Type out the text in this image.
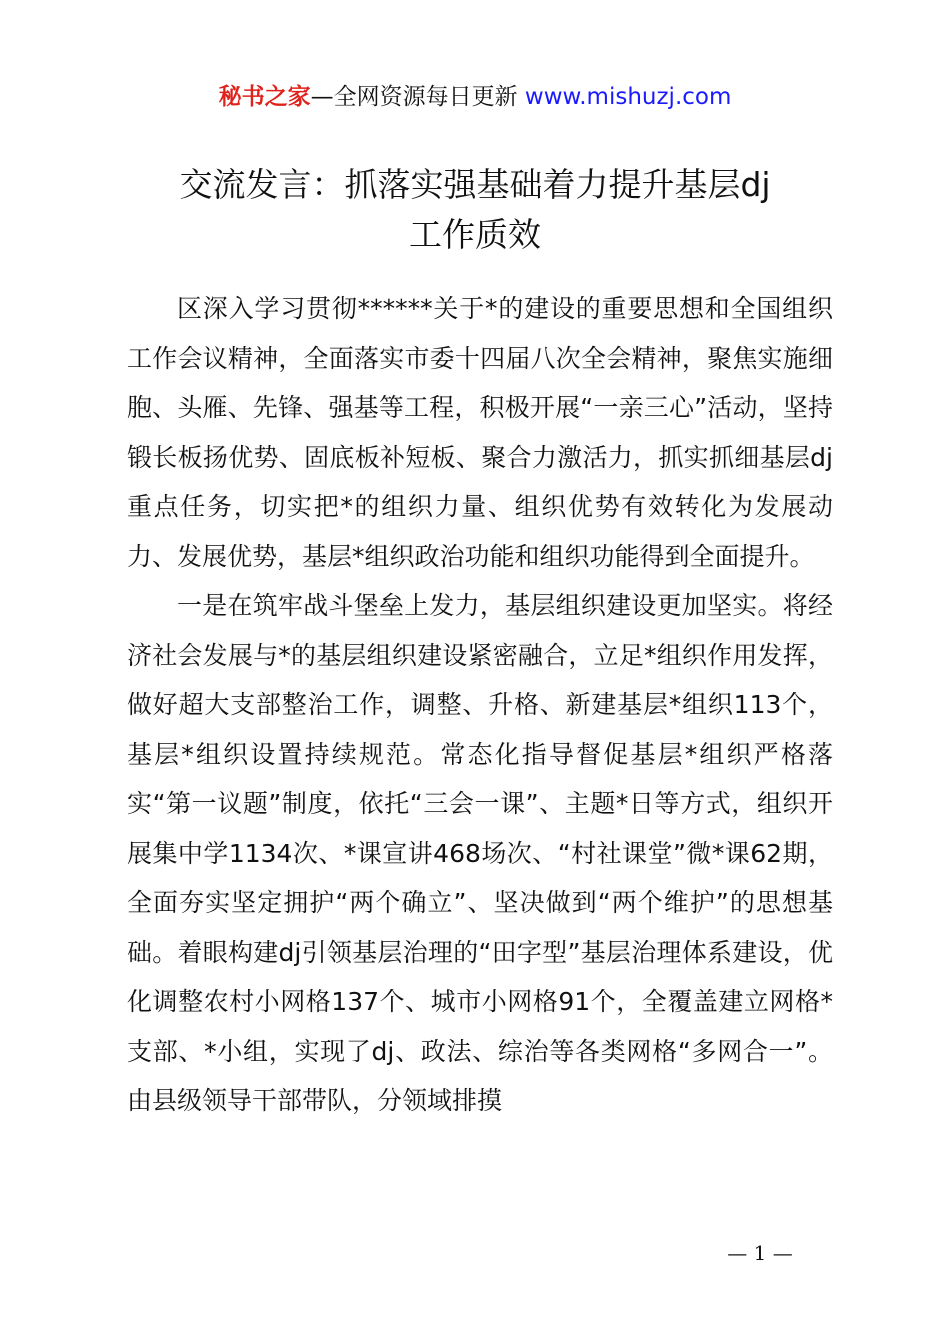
秘书之家—全网资源每日更新 www.mishuzj.com
交流发言：抓落实强基础着力提升基层dj
工作质效

区深入学习贯彻******关于*的建设的重要思想和全国组织工作会议精神，全面落实市委十四届八次全会精神，聚焦实施细胞、头雁、先锋、强基等工程，积极开展“一亲三心”活动，坚持锻长板扬优势、固底板补短板、聚合力激活力，抓实抓细基层dj重点任务，切实把*的组织力量、组织优势有效转化为发展动力、发展优势，基层*组织政治功能和组织功能得到全面提升。

一是在筑牢战斗堡垒上发力，基层组织建设更加坚实。将经济社会发展与*的基层组织建设紧密融合，立足*组织作用发挥，做好超大支部整治工作，调整、升格、新建基层*组织113个，基层*组织设置持续规范。常态化指导督促基层*组织严格落实“第一议题”制度，依托“三会一课”、主题*日等方式，组织开展集中学1134次、*课宣讲468场次、“村社课堂”微*课62期，全面夯实坚定拥护“两个确立”、坚决做到“两个维护”的思想基础。着眼构建dj引领基层治理的“田字型”基层治理体系建设，优化调整农村小网格137个、城市小网格91个，全覆盖建立网格*支部、*小组，实现了dj、政法、综治等各类网格“多网合一”。由县级领导干部带队，分领域排摸

— 1 —
